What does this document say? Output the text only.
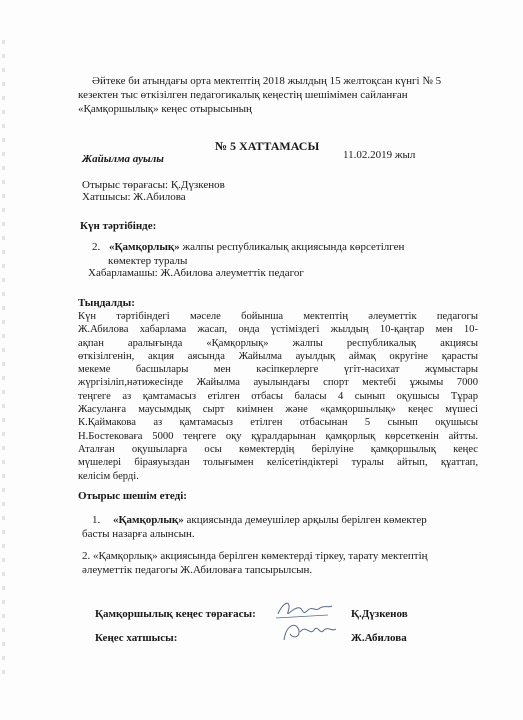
Әйтеке би атындағы орта мектептің 2018 жылдың 15 желтоқсан күнгі № 5
кезектен тыс өткізілген педагогикалық кеңестің шешімімен сайланған
«Қамқоршылық» кеңес отырысының
№ 5 ХАТТАМАСЫ
Жайылма ауылы	11.02.2019 жыл
Отырыс төрағасы: Қ.Дүзкенов
Хатшысы: Ж.Абилова
Күн тәртібінде:
2. «Қамқорлық» жалпы республикалық акциясында көрсетілген
көмектер туралы
Хабарламашы: Ж.Абилова әлеуметтік педагог
Тыңдалды:
Күн тәртібіндегі мәселе бойынша мектептің әлеуметтік педагогы
Ж.Абилова хабарлама жасап, онда үстіміздегі жылдың 10-қаңтар мен 10-
ақпан аралығында «Қамқорлық» жалпы республикалық акциясы
өткізілгенін, акция аясында Жайылма ауылдық аймақ округіне қарасты
мекеме басшылары мен кәсіпкерлерге үгіт-насихат жұмыстары
жүргізіліп,нәтижесінде Жайылма ауылындағы спорт мектебі ұжымы 7000
теңгеге аз қамтамасыз етілген отбасы баласы 4 сынып оқушысы Тұрар
Жасуланға маусымдық сырт киімнен және «қамқоршылық» кеңес мүшесі
К.Қаймакова аз қамтамасыз етілген отбасынан 5 сынып оқушысы
Н.Бостековаға 5000 теңгеге оқу құралдарынан қамқорлық көрсеткенін айтты.
Аталған оқушыларға осы көмектердің берілуіне қамқоршылық кеңес
мүшелері біраяуыздан толығымен келісетіндіктері туралы айтып, құаттап,
келісім берді.
Отырыс шешім етеді:
1. «Қамқорлық» акциясында демеушілер арқылы берілген көмектер
басты назарға алынсын.
2. «Қамқорлық» акциясында берілген көмектерді тіркеу, тарату мектептің
әлеуметтік педагогы Ж.Абиловаға тапсырылсын.
Қамқоршылық кеңес төрағасы:	Қ.Дүзкенов
Кеңес хатшысы:	Ж.Абилова
